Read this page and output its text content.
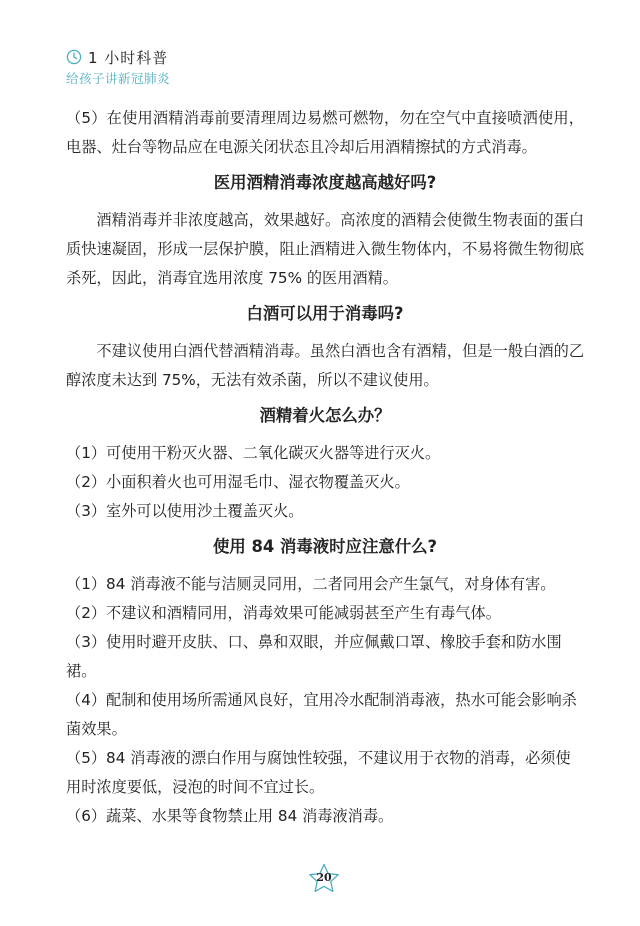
1 小时科普
给孩子讲新冠肺炎

（5）在使用酒精消毒前要清理周边易燃可燃物，勿在空气中直接喷洒使用，电器、灶台等物品应在电源关闭状态且冷却后用酒精擦拭的方式消毒。

医用酒精消毒浓度越高越好吗?

酒精消毒并非浓度越高，效果越好。高浓度的酒精会使微生物表面的蛋白质快速凝固，形成一层保护膜，阻止酒精进入微生物体内，不易将微生物彻底杀死，因此，消毒宜选用浓度 75% 的医用酒精。

白酒可以用于消毒吗?

不建议使用白酒代替酒精消毒。虽然白酒也含有酒精，但是一般白酒的乙醇浓度未达到 75%，无法有效杀菌，所以不建议使用。

酒精着火怎么办？

（1）可使用干粉灭火器、二氧化碳灭火器等进行灭火。

（2）小面积着火也可用湿毛巾、湿衣物覆盖灭火。

（3）室外可以使用沙土覆盖灭火。

使用 84 消毒液时应注意什么?

（1）84 消毒液不能与洁厕灵同用，二者同用会产生氯气，对身体有害。

（2）不建议和酒精同用，消毒效果可能减弱甚至产生有毒气体。

（3）使用时避开皮肤、口、鼻和双眼，并应佩戴口罩、橡胶手套和防水围裙。

（4）配制和使用场所需通风良好，宜用冷水配制消毒液，热水可能会影响杀菌效果。

（5）84 消毒液的漂白作用与腐蚀性较强，不建议用于衣物的消毒，必须使用时浓度要低，浸泡的时间不宜过长。

（6）蔬菜、水果等食物禁止用 84 消毒液消毒。

20
